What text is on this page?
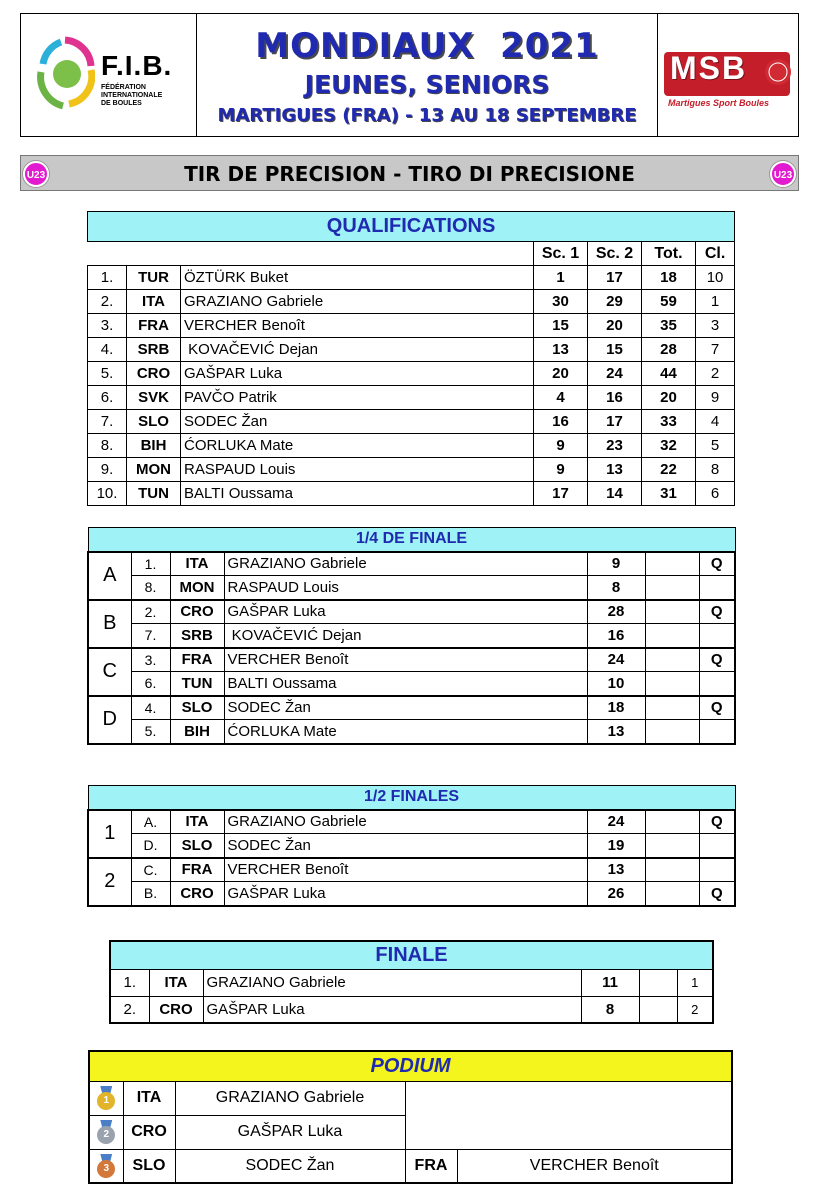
F.I.B.
FÉDÉRATION
INTERNATIONALE
DE BOULES
MONDIAUX  2021
JEUNES, SENIORS
MARTIGUES (FRA) - 13 AU 18 SEPTEMBRE
MSB
Martigues Sport Boules
U23	TIR DE PRECISION - TIRO DI PRECISIONE	U23
QUALIFICATIONS						
			Sc. 1	Sc. 2	Tot.	Cl.
1.	TUR	ÖZTÜRK Buket	1	17	18	10
2.	ITA	GRAZIANO Gabriele	30	29	59	1
3.	FRA	VERCHER Benoît	15	20	35	3
4.	SRB	KOVAČEVIĆ Dejan	13	15	28	7
5.	CRO	GAŠPAR Luka	20	24	44	2
6.	SVK	PAVČO Patrik	4	16	20	9
7.	SLO	SODEC Žan	16	17	33	4
8.	BIH	ĆORLUKA Mate	9	23	32	5
9.	MON	RASPAUD Louis	9	13	22	8
10.	TUN	BALTI Oussama	17	14	31	6
1/4 DE FINALE						
A	1.	ITA	GRAZIANO Gabriele	9		Q
	8.	MON	RASPAUD Louis	8		
B	2.	CRO	GAŠPAR Luka	28		Q
	7.	SRB	KOVAČEVIĆ Dejan	16		
C	3.	FRA	VERCHER Benoît	24		Q
	6.	TUN	BALTI Oussama	10		
D	4.	SLO	SODEC Žan	18		Q
	5.	BIH	ĆORLUKA Mate	13		
1/2 FINALES						
1	A.	ITA	GRAZIANO Gabriele	24		Q
	D.	SLO	SODEC Žan	19		
2	C.	FRA	VERCHER Benoît	13		
	B.	CRO	GAŠPAR Luka	26		Q
FINALE					
1.	ITA	GRAZIANO Gabriele	11		1
2.	CRO	GAŠPAR Luka	8		2
PODIUM				

1	ITA	GRAZIANO Gabriele		

2	CRO	GAŠPAR Luka		

3	SLO	SODEC Žan	FRA	VERCHER Benoît
